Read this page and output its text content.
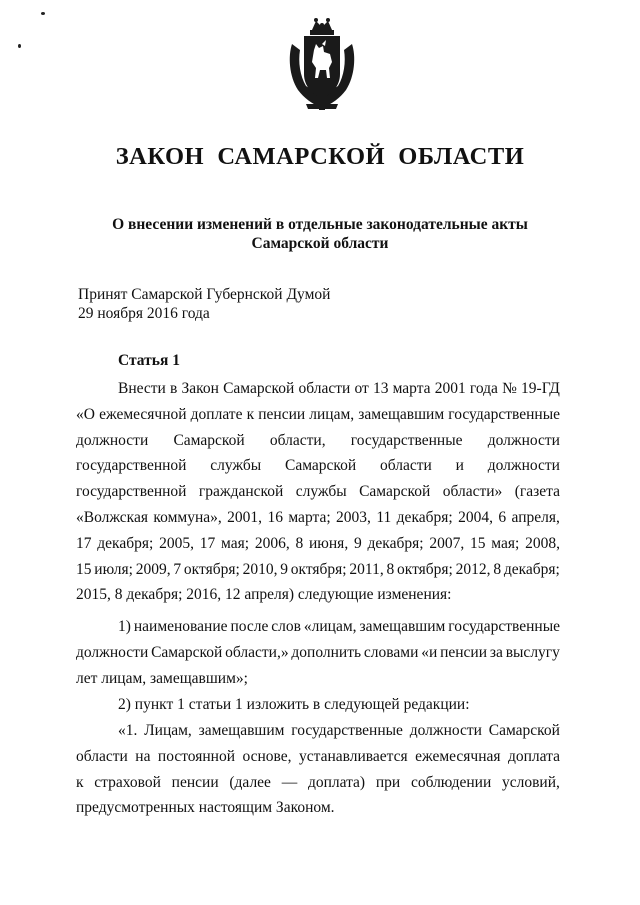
ЗАКОН  САМАРСКОЙ  ОБЛАСТИ
О внесении изменений в отдельные законодательные акты
Самарской области
Принят Самарской Губернской Думой
29 ноября 2016 года
Статья 1
Внести в Закон Самарской области от 13 марта 2001 года № 19-ГД
«О ежемесячной доплате к пенсии лицам, замещавшим государственные
должности Самарской области, государственные должности
государственной службы Самарской области и должности
государственной гражданской службы Самарской области» (газета
«Волжская коммуна», 2001, 16 марта; 2003, 11 декабря; 2004, 6 апреля,
17 декабря; 2005, 17 мая; 2006, 8 июня, 9 декабря; 2007, 15 мая; 2008,
15 июля; 2009, 7 октября; 2010, 9 октября; 2011, 8 октября; 2012, 8 декабря;
2015, 8 декабря; 2016, 12 апреля) следующие изменения:
1) наименование после слов «лицам, замещавшим государственные
должности Самарской области,» дополнить словами «и пенсии за выслугу
лет лицам, замещавшим»;
2) пункт 1 статьи 1 изложить в следующей редакции:
«1. Лицам, замещавшим государственные должности Самарской
области на постоянной основе, устанавливается ежемесячная доплата
к страховой пенсии (далее — доплата) при соблюдении условий,
предусмотренных настоящим Законом.
